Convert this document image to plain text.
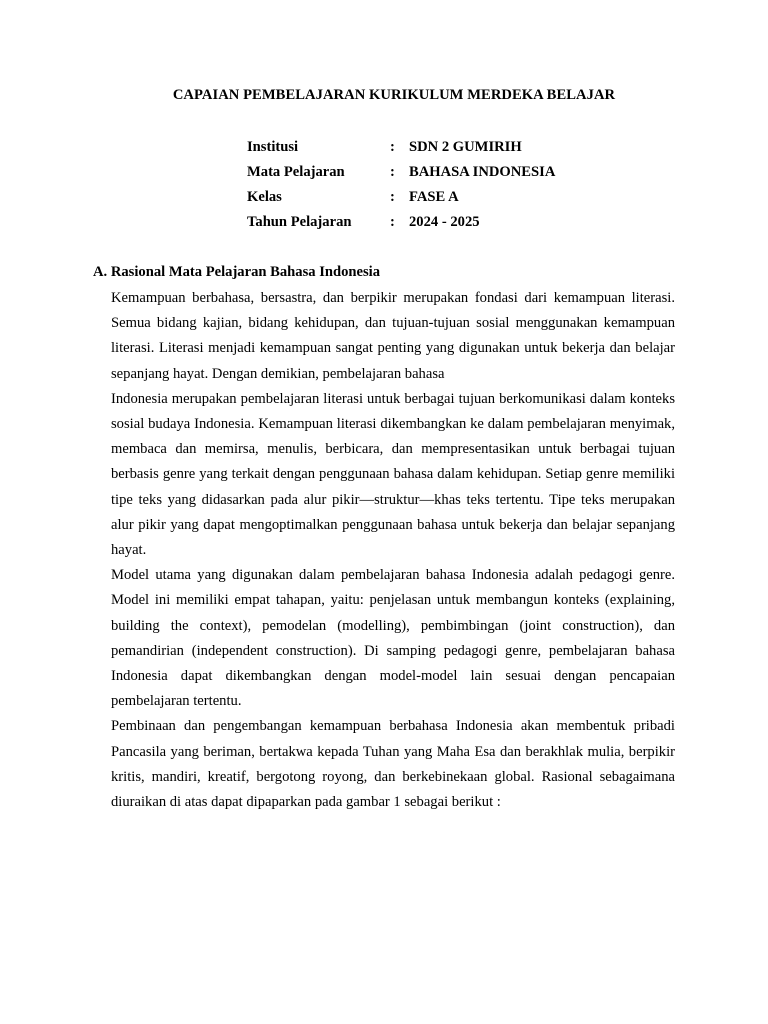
CAPAIAN PEMBELAJARAN KURIKULUM MERDEKA BELAJAR
Institusi	: SDN 2 GUMIRIH
Mata Pelajaran	: BAHASA INDONESIA
Kelas	: FASE A
Tahun Pelajaran	: 2024 - 2025
A. Rasional Mata Pelajaran Bahasa Indonesia

Kemampuan berbahasa, bersastra, dan berpikir merupakan fondasi dari kemampuan literasi. Semua bidang kajian, bidang kehidupan, dan tujuan-tujuan sosial menggunakan kemampuan literasi. Literasi menjadi kemampuan sangat penting yang digunakan untuk bekerja dan belajar sepanjang hayat. Dengan demikian, pembelajaran bahasa

Indonesia merupakan pembelajaran literasi untuk berbagai tujuan berkomunikasi dalam konteks sosial budaya Indonesia. Kemampuan literasi dikembangkan ke dalam pembelajaran menyimak, membaca dan memirsa, menulis, berbicara, dan mempresentasikan untuk berbagai tujuan berbasis genre yang terkait dengan penggunaan bahasa dalam kehidupan. Setiap genre memiliki tipe teks yang didasarkan pada alur pikir—struktur—khas teks tertentu. Tipe teks merupakan alur pikir yang dapat mengoptimalkan penggunaan bahasa untuk bekerja dan belajar sepanjang hayat.

Model utama yang digunakan dalam pembelajaran bahasa Indonesia adalah pedagogi genre. Model ini memiliki empat tahapan, yaitu: penjelasan untuk membangun konteks (explaining, building the context), pemodelan (modelling), pembimbingan (joint construction), dan pemandirian (independent construction). Di samping pedagogi genre, pembelajaran bahasa Indonesia dapat dikembangkan dengan model-model lain sesuai dengan pencapaian pembelajaran tertentu.

Pembinaan dan pengembangan kemampuan berbahasa Indonesia akan membentuk pribadi Pancasila yang beriman, bertakwa kepada Tuhan yang Maha Esa dan berakhlak mulia, berpikir kritis, mandiri, kreatif, bergotong royong, dan berkebinekaan global. Rasional sebagaimana diuraikan di atas dapat dipaparkan pada gambar 1 sebagai berikut :
